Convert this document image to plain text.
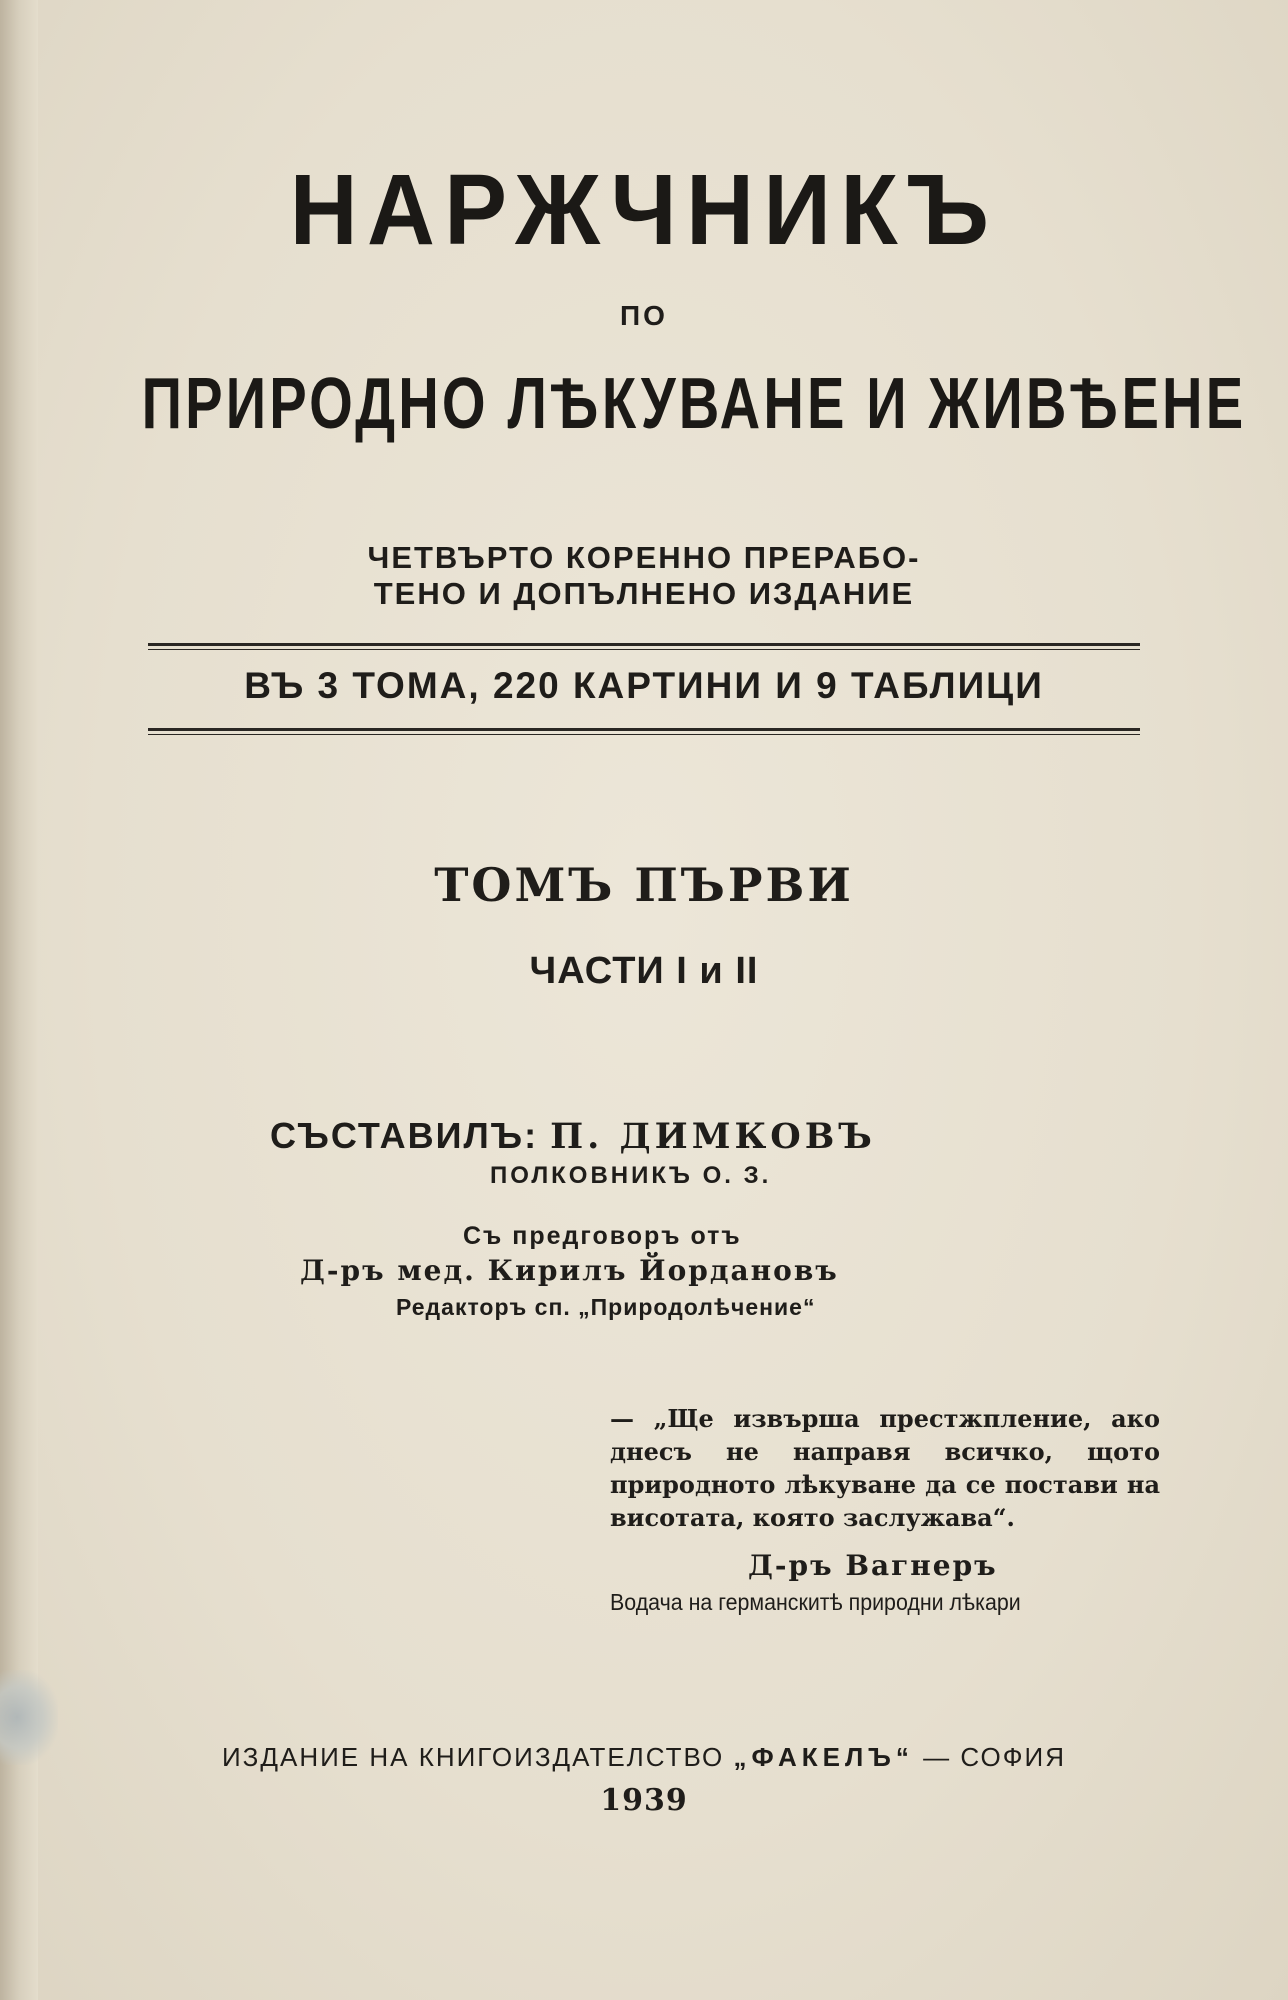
НАРЖЧНИКЪ
ПО
ПРИРОДНО ЛѢКУВАНЕ И ЖИВѢЕНЕ
ЧЕТВЪРТО КОРЕННО ПРЕРАБО-
ТЕНО И ДОПЪЛНЕНО ИЗДАНИЕ
ВЪ 3 ТОМА, 220 КАРТИНИ И 9 ТАБЛИЦИ
ТОМЪ ПЪРВИ
ЧАСТИ I и II
СЪСТАВИЛЪ: П. ДИМКОВЪ
ПОЛКОВНИКЪ О. З.
Съ предговоръ отъ
Д-ръ мед. Кирилъ Йордановъ
Редакторъ сп. „Природолѣчение“
— „Ще извърша престжпление, ако днесъ не направя всичко, щото природното лѣкуване да се постави на висотата, която заслужава“.
Д-ръ Вагнеръ
Водача на германскитѣ природни лѣкари
ИЗДАНИЕ НА КНИГОИЗДАТЕЛСТВО „ФАКЕЛЪ“ — СОФИЯ
1939
